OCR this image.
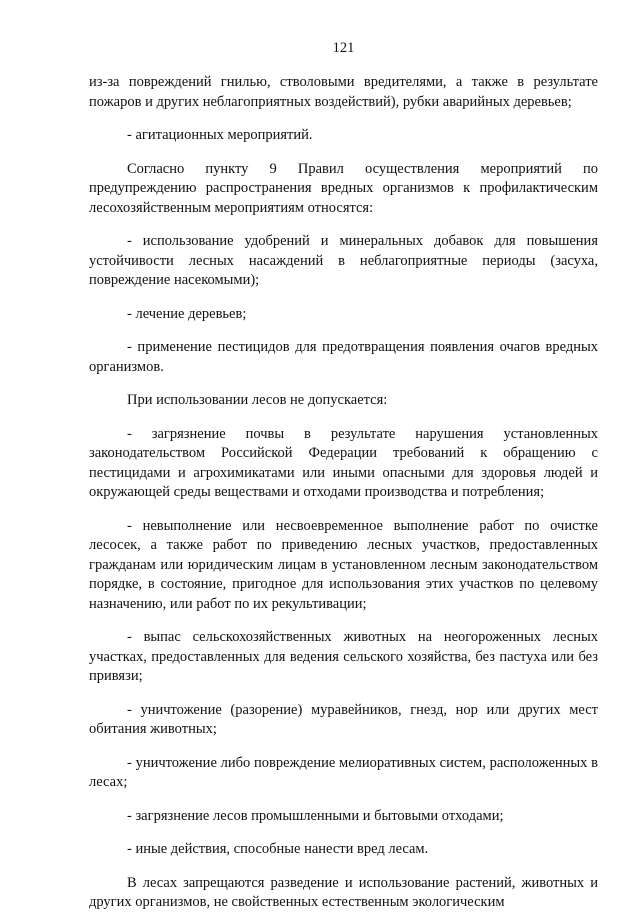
121

из-за повреждений гнилью, стволовыми вредителями, а также в результате пожаров и других неблагоприятных воздействий), рубки аварийных деревьев;

- агитационных мероприятий.

Согласно пункту 9 Правил осуществления мероприятий по предупреждению распространения вредных организмов к профилактическим лесохозяйственным мероприятиям относятся:

- использование удобрений и минеральных добавок для повышения устойчивости лесных насаждений в неблагоприятные периоды (засуха, повреждение насекомыми);

- лечение деревьев;

- применение пестицидов для предотвращения появления очагов вредных организмов.

При использовании лесов не допускается:

- загрязнение почвы в результате нарушения установленных законодательством Российской Федерации требований к обращению с пестицидами и агрохимикатами или иными опасными для здоровья людей и окружающей среды веществами и отходами производства и потребления;

- невыполнение или несвоевременное выполнение работ по очистке лесосек, а также работ по приведению лесных участков, предоставленных гражданам или юридическим лицам в установленном лесным законодательством порядке, в состояние, пригодное для использования этих участков по целевому назначению, или работ по их рекультивации;

- выпас сельскохозяйственных животных на неогороженных лесных участках, предоставленных для ведения сельского хозяйства, без пастуха или без привязи;

- уничтожение (разорение) муравейников, гнезд, нор или других мест обитания животных;

- уничтожение либо повреждение мелиоративных систем, расположенных в лесах;

- загрязнение лесов промышленными и бытовыми отходами;

- иные действия, способные нанести вред лесам.

В лесах запрещаются разведение и использование растений, животных и других организмов, не свойственных естественным экологическим
